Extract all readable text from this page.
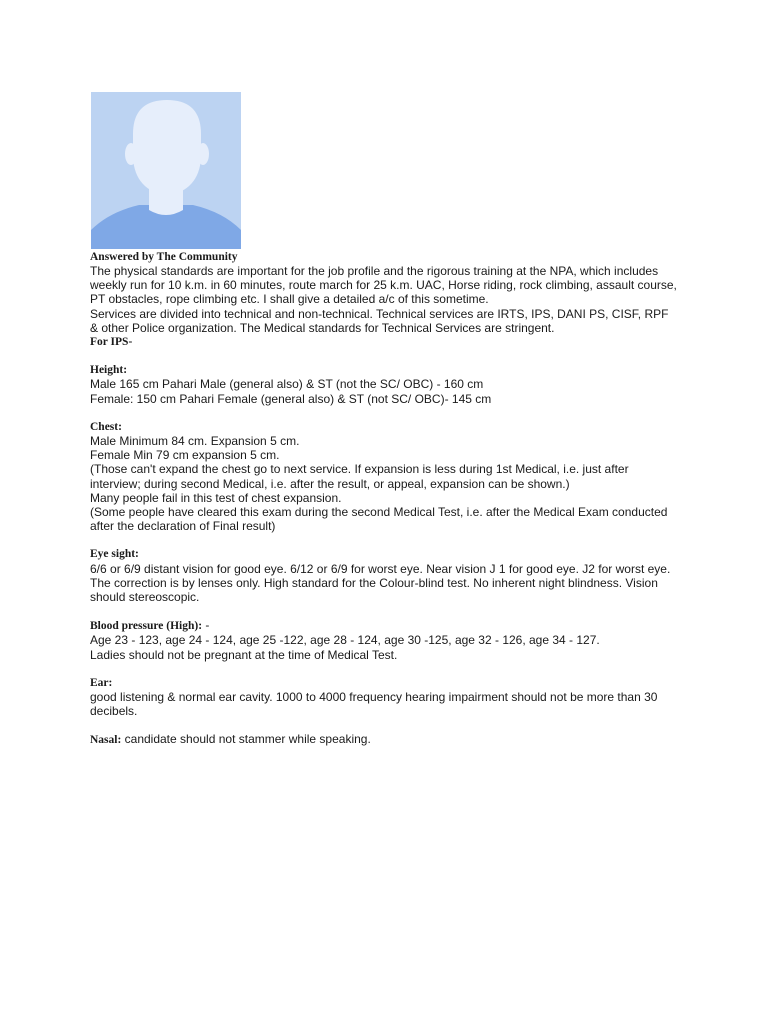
Answered by The Community
The physical standards are important for the job profile and the rigorous training at the NPA, which includes
weekly run for 10 k.m. in 60 minutes, route march for 25 k.m. UAC, Horse riding, rock climbing, assault course,
PT obstacles, rope climbing etc. I shall give a detailed a/c of this sometime.
Services are divided into technical and non-technical. Technical services are IRTS, IPS, DANI PS, CISF, RPF
& other Police organization. The Medical standards for Technical Services are stringent.
For IPS-
Height:
Male 165 cm Pahari Male (general also) & ST (not the SC/ OBC) - 160 cm
Female: 150 cm Pahari Female (general also) & ST (not SC/ OBC)- 145 cm
Chest:
Male Minimum 84 cm. Expansion 5 cm.
Female Min 79 cm expansion 5 cm.
(Those can't expand the chest go to next service. If expansion is less during 1st Medical, i.e. just after
interview; during second Medical, i.e. after the result, or appeal, expansion can be shown.)
Many people fail in this test of chest expansion.
(Some people have cleared this exam during the second Medical Test, i.e. after the Medical Exam conducted
after the declaration of Final result)
Eye sight:
6/6 or 6/9 distant vision for good eye. 6/12 or 6/9 for worst eye. Near vision J 1 for good eye. J2 for worst eye.
The correction is by lenses only. High standard for the Colour-blind test. No inherent night blindness. Vision
should stereoscopic.
Blood pressure (High): -
Age 23 - 123, age 24 - 124, age 25 -122, age 28 - 124, age 30 -125, age 32 - 126, age 34 - 127.
Ladies should not be pregnant at the time of Medical Test.
Ear:
good listening & normal ear cavity. 1000 to 4000 frequency hearing impairment should not be more than 30
decibels.
Nasal: candidate should not stammer while speaking.
